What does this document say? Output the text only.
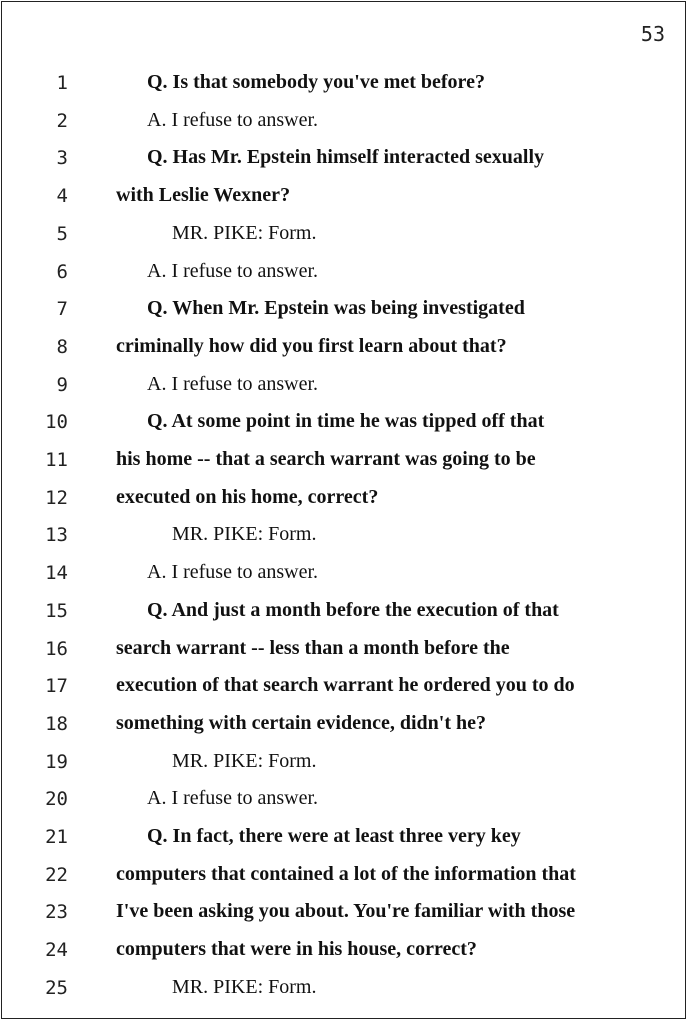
53
1	Q. Is that somebody you've met before?
2	A. I refuse to answer.
3	Q. Has Mr. Epstein himself interacted sexually
4 with Leslie Wexner?
5	MR. PIKE: Form.
6	A. I refuse to answer.
7	Q. When Mr. Epstein was being investigated
8 criminally how did you first learn about that?
9	A. I refuse to answer.
10	Q. At some point in time he was tipped off that
11 his home -- that a search warrant was going to be
12 executed on his home, correct?
13	MR. PIKE: Form.
14	A. I refuse to answer.
15	Q. And just a month before the execution of that
16 search warrant -- less than a month before the
17 execution of that search warrant he ordered you to do
18 something with certain evidence, didn't he?
19	MR. PIKE: Form.
20	A. I refuse to answer.
21	Q. In fact, there were at least three very key
22 computers that contained a lot of the information that
23 I've been asking you about. You're familiar with those
24 computers that were in his house, correct?
25	MR. PIKE: Form.
